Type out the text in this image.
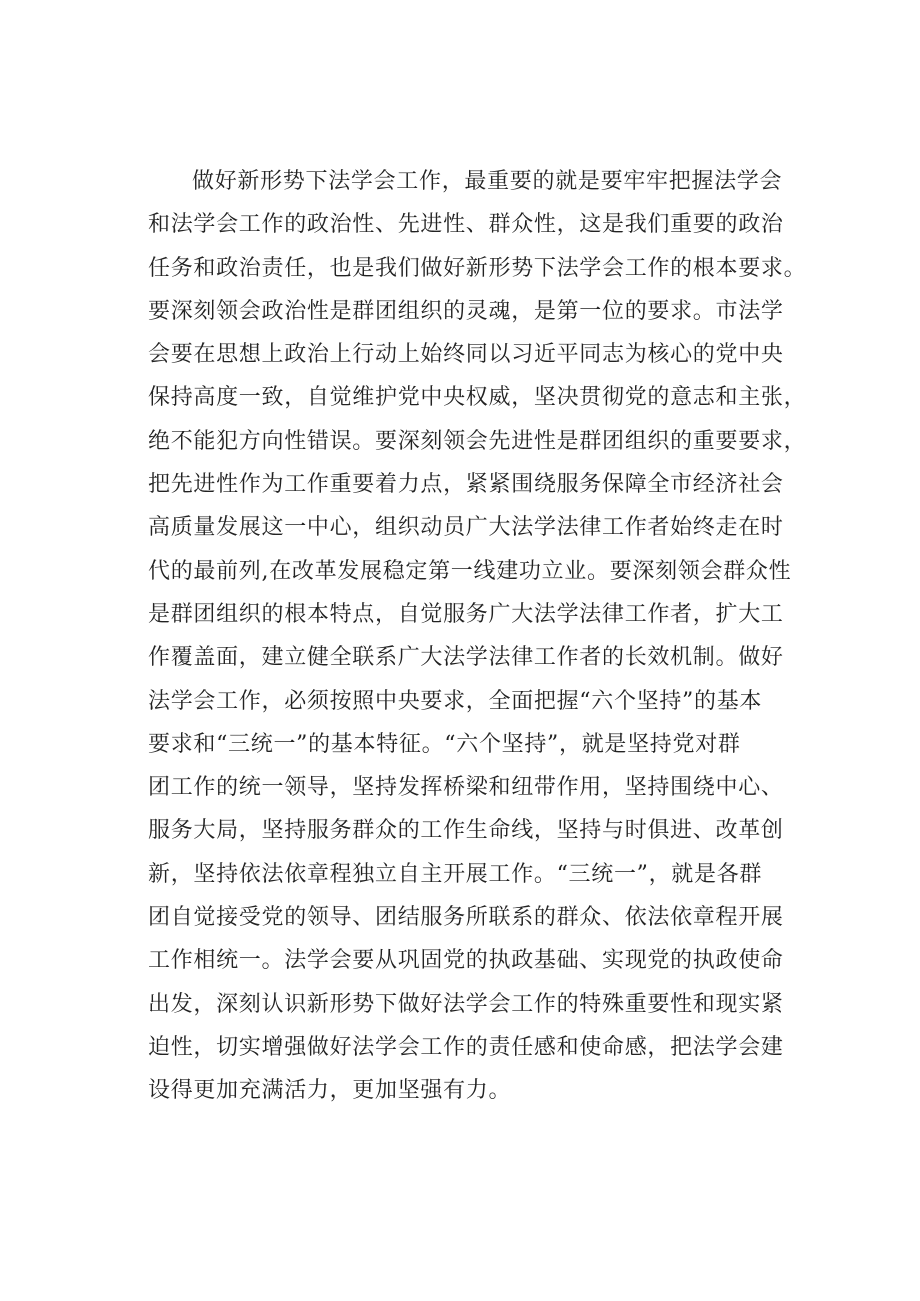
做好新形势下法学会工作，最重要的就是要牢牢把握法学会
和法学会工作的政治性、先进性、群众性，这是我们重要的政治
任务和政治责任，也是我们做好新形势下法学会工作的根本要求。
要深刻领会政治性是群团组织的灵魂，是第一位的要求。市法学
会要在思想上政治上行动上始终同以习近平同志为核心的党中央
保持高度一致，自觉维护党中央权威，坚决贯彻党的意志和主张，
绝不能犯方向性错误。要深刻领会先进性是群团组织的重要要求，
把先进性作为工作重要着力点，紧紧围绕服务保障全市经济社会
高质量发展这一中心，组织动员广大法学法律工作者始终走在时
代的最前列,在改革发展稳定第一线建功立业。要深刻领会群众性
是群团组织的根本特点，自觉服务广大法学法律工作者，扩大工
作覆盖面，建立健全联系广大法学法律工作者的长效机制。做好
法学会工作，必须按照中央要求，全面把握“六个坚持”的基本
要求和“三统一”的基本特征。“六个坚持”，就是坚持党对群
团工作的统一领导，坚持发挥桥梁和纽带作用，坚持围绕中心、
服务大局，坚持服务群众的工作生命线，坚持与时俱进、改革创
新，坚持依法依章程独立自主开展工作。“三统一”，就是各群
团自觉接受党的领导、团结服务所联系的群众、依法依章程开展
工作相统一。法学会要从巩固党的执政基础、实现党的执政使命
出发，深刻认识新形势下做好法学会工作的特殊重要性和现实紧
迫性，切实增强做好法学会工作的责任感和使命感，把法学会建
设得更加充满活力，更加坚强有力。
